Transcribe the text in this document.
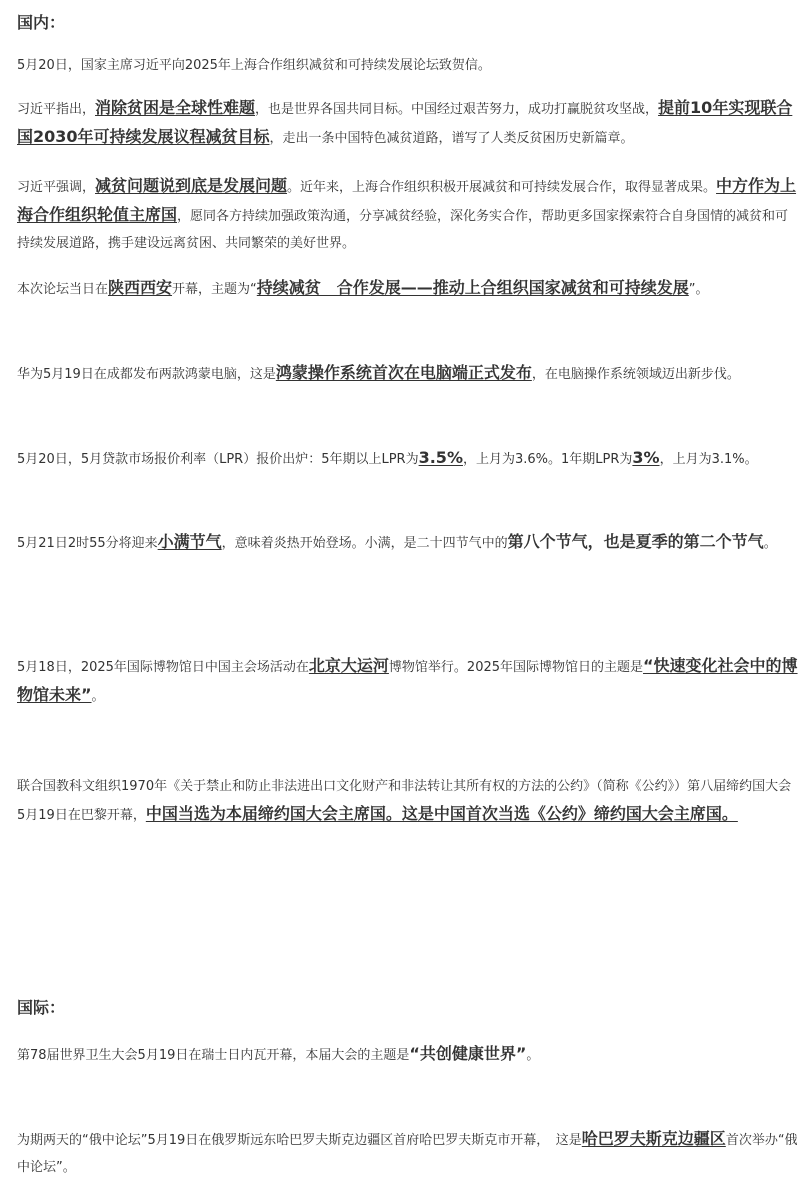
国内：

5月20日，国家主席习近平向2025年上海合作组织减贫和可持续发展论坛致贺信。

习近平指出，消除贫困是全球性难题，也是世界各国共同目标。中国经过艰苦努力，成功打赢脱贫攻坚战，提前10年实现联合国2030年可持续发展议程减贫目标，走出一条中国特色减贫道路，谱写了人类反贫困历史新篇章。

习近平强调，减贫问题说到底是发展问题。近年来，上海合作组织积极开展减贫和可持续发展合作，取得显著成果。中方作为上海合作组织轮值主席国，愿同各方持续加强政策沟通，分享减贫经验，深化务实合作，帮助更多国家探索符合自身国情的减贫和可持续发展道路，携手建设远离贫困、共同繁荣的美好世界。

本次论坛当日在陕西西安开幕，主题为“持续减贫　合作发展——推动上合组织国家减贫和可持续发展”。

华为5月19日在成都发布两款鸿蒙电脑，这是鸿蒙操作系统首次在电脑端正式发布，在电脑操作系统领域迈出新步伐。

5月20日，5月贷款市场报价利率（LPR）报价出炉：5年期以上LPR为3.5%，上月为3.6%。1年期LPR为3%，上月为3.1%。

5月21日2时55分将迎来小满节气，意味着炎热开始登场。小满，是二十四节气中的第八个节气，也是夏季的第二个节气。

5月18日，2025年国际博物馆日中国主会场活动在北京大运河博物馆举行。2025年国际博物馆日的主题是“快速变化社会中的博物馆未来”。

联合国教科文组织1970年《关于禁止和防止非法进出口文化财产和非法转让其所有权的方法的公约》（简称《公约》）第八届缔约国大会5月19日在巴黎开幕，中国当选为本届缔约国大会主席国。这是中国首次当选《公约》缔约国大会主席国。

国际：

第78届世界卫生大会5月19日在瑞士日内瓦开幕，本届大会的主题是“共创健康世界”。

为期两天的“俄中论坛”5月19日在俄罗斯远东哈巴罗夫斯克边疆区首府哈巴罗夫斯克市开幕，　这是哈巴罗夫斯克边疆区首次举办“俄中论坛”。
